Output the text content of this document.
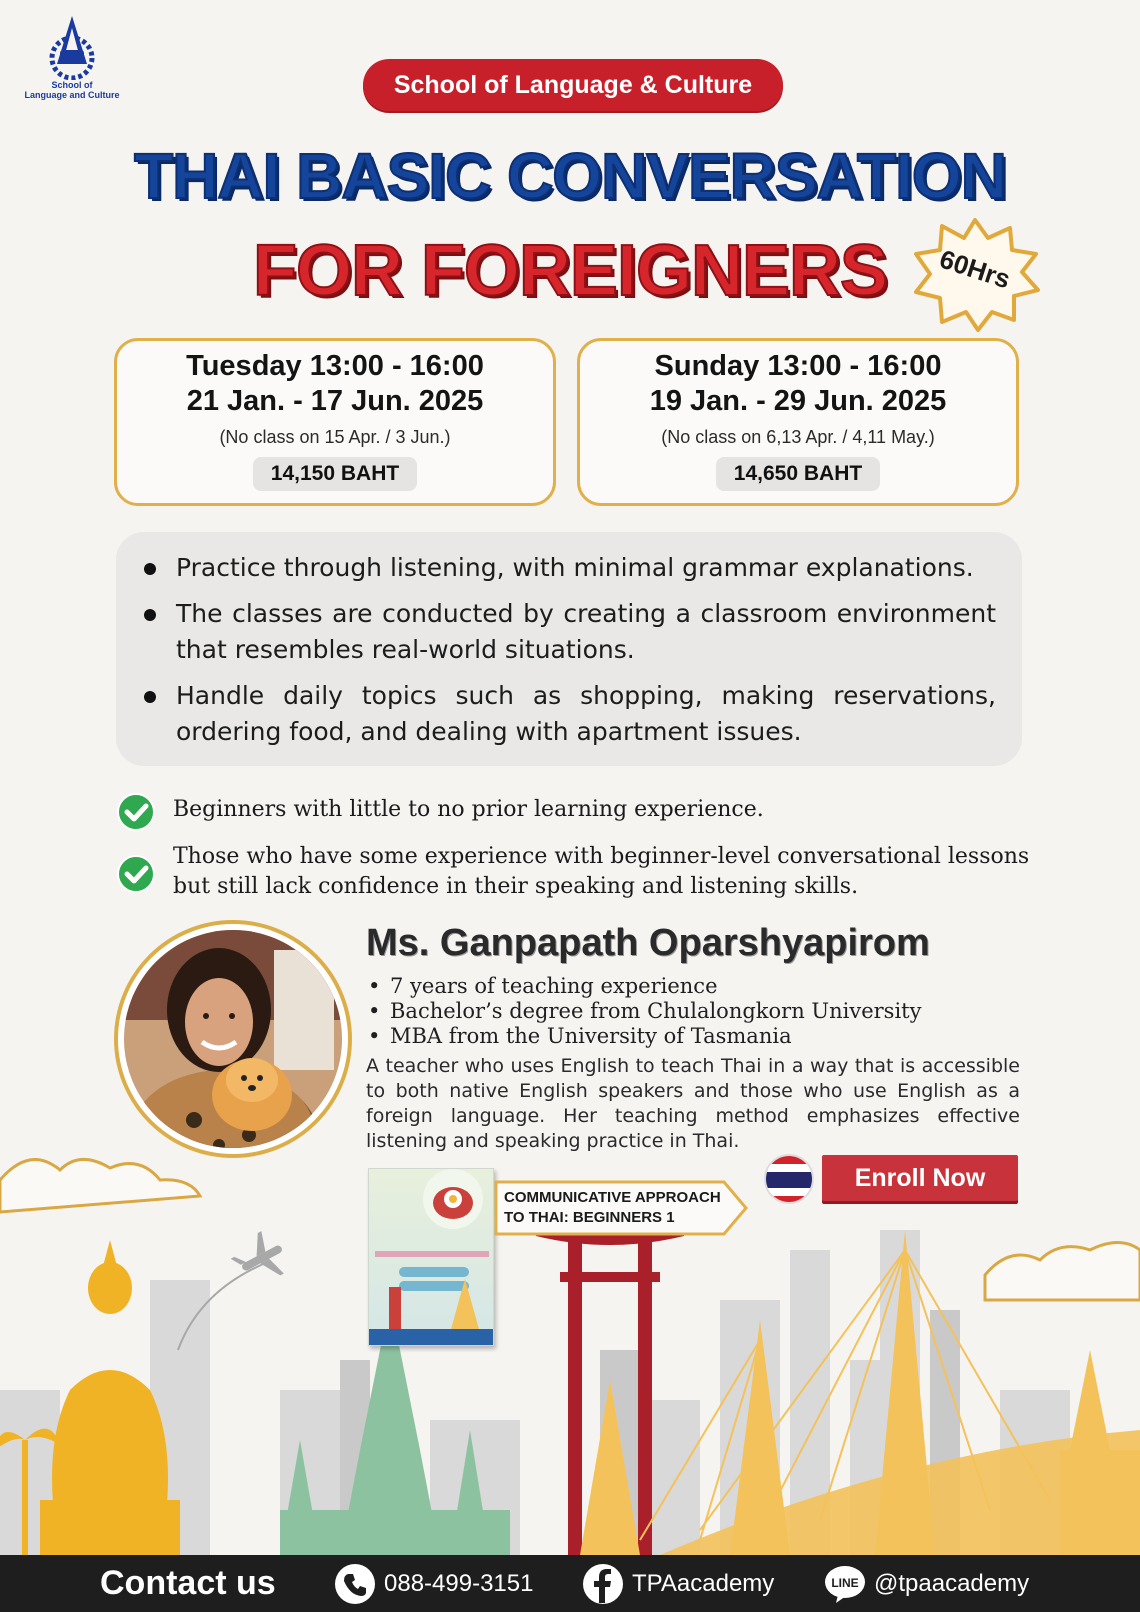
School of
Language and Culture	School of Language & Culture
THAI BASIC CONVERSATION
FOR FOREIGNERS	60Hrs
Tuesday 13:00 - 16:00
21 Jan. - 17 Jun. 2025
(No class on 15 Apr. / 3 Jun.)
14,150 BAHT
Sunday 13:00 - 16:00
19 Jan. - 29 Jun. 2025
(No class on 6,13 Apr. / 4,11 May.)
14,650 BAHT
Practice through listening, with minimal grammar explanations.
The classes are conducted by creating a classroom environment that resembles real-world situations.
Handle daily topics such as shopping, making reservations, ordering food, and dealing with apartment issues.
Beginners with little to no prior learning experience.
Those who have some experience with beginner-level conversational lessons but still lack confidence in their speaking and listening skills.
Ms. Ganpapath Oparshyapirom
• 7 years of teaching experience
• Bachelor’s degree from Chulalongkorn University
• MBA from the University of Tasmania
A teacher who uses English to teach Thai in a way that is accessible to both native English speakers and those who use English as a foreign language. Her teaching method emphasizes effective listening and speaking practice in Thai.
COMMUNICATIVE APPROACH
TO THAI: BEGINNERS 1
Enroll Now
Contact us	088-499-3151	TPAacademy	LINE @tpaacademy
